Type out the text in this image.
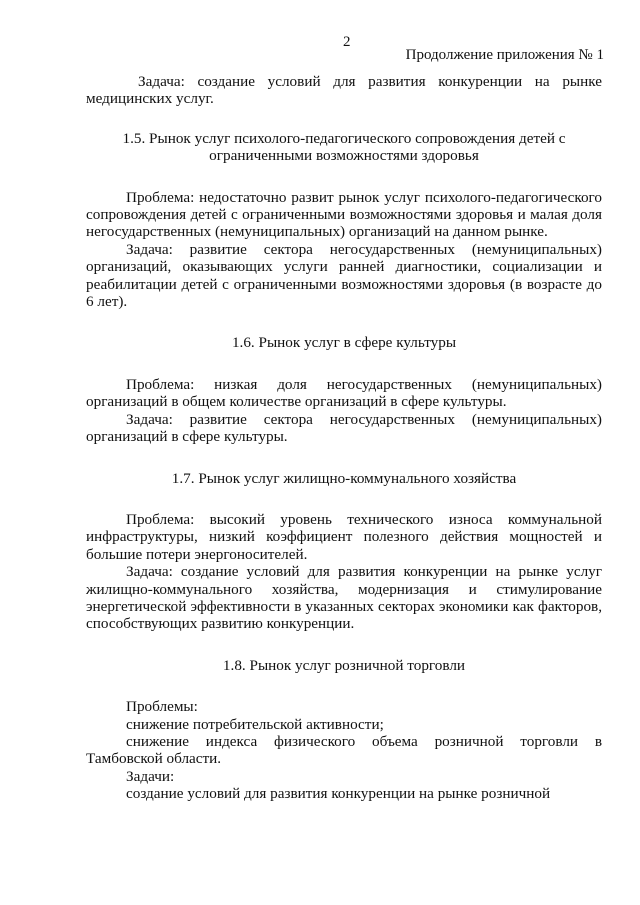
2
Продолжение приложения № 1

Задача: создание условий для развития конкуренции на рынке медицинских услуг.

1.5. Рынок услуг психолого-педагогического сопровождения детей с ограниченными возможностями здоровья

Проблема: недостаточно развит рынок услуг психолого-педагогического сопровождения детей с ограниченными возможностями здоровья и малая доля негосударственных (немуниципальных) организаций на данном рынке.

Задача: развитие сектора негосударственных (немуниципальных) организаций, оказывающих услуги ранней диагностики, социализации и реабилитации детей с ограниченными возможностями здоровья (в возрасте до 6 лет).

1.6. Рынок услуг в сфере культуры

Проблема: низкая доля негосударственных (немуниципальных) организаций в общем количестве организаций в сфере культуры.

Задача: развитие сектора негосударственных (немуниципальных) организаций в сфере культуры.

1.7. Рынок услуг жилищно-коммунального хозяйства

Проблема: высокий уровень технического износа коммунальной инфраструктуры, низкий коэффициент полезного действия мощностей и большие потери энергоносителей.

Задача: создание условий для развития конкуренции на рынке услуг жилищно-коммунального хозяйства, модернизация и стимулирование энергетической эффективности в указанных секторах экономики как факторов, способствующих развитию конкуренции.

1.8. Рынок услуг розничной торговли

Проблемы:

снижение потребительской активности;

снижение индекса физического объема розничной торговли в Тамбовской области.

Задачи:

создание условий для развития конкуренции на рынке розничной
